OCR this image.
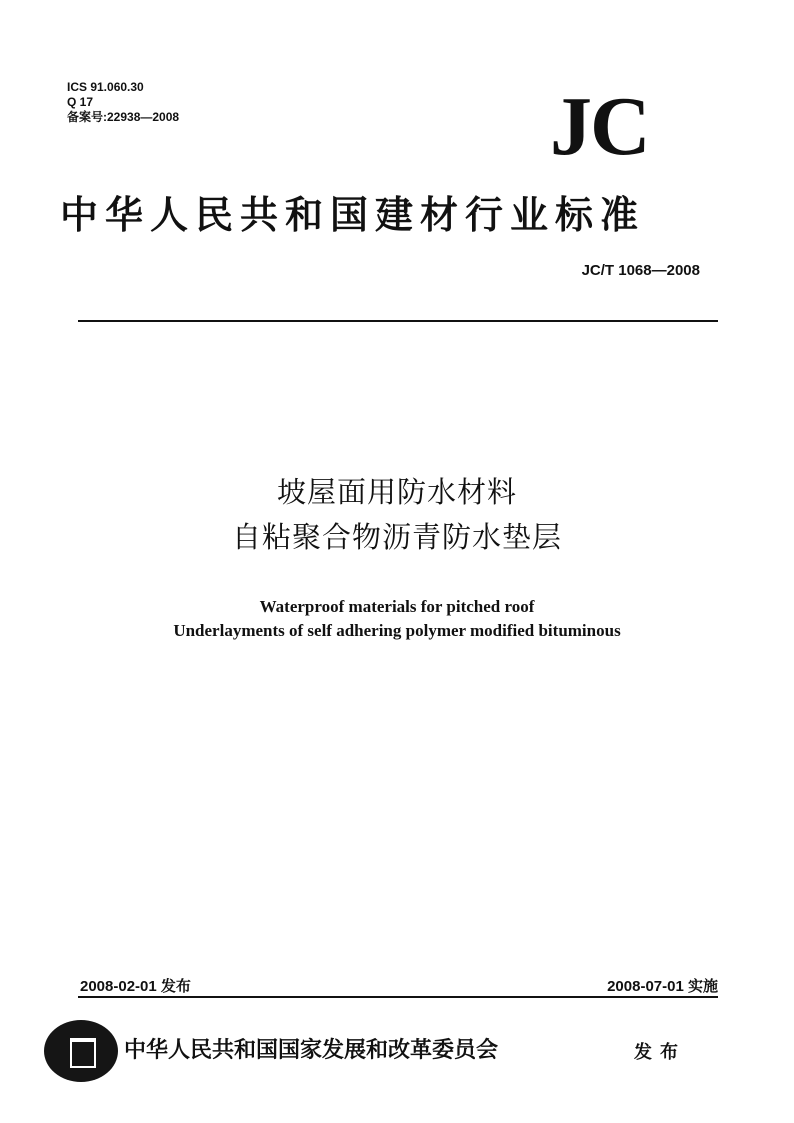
ICS 91.060.30
Q 17
备案号:22938—2008	JC
中华人民共和国建材行业标准
JC/T 1068—2008
坡屋面用防水材料
自粘聚合物沥青防水垫层
Waterproof materials for pitched roof
Underlayments of self adhering polymer modified bituminous
2008-02-01 发布	2008-07-01 实施
中华人民共和国国家发展和改革委员会	发布
